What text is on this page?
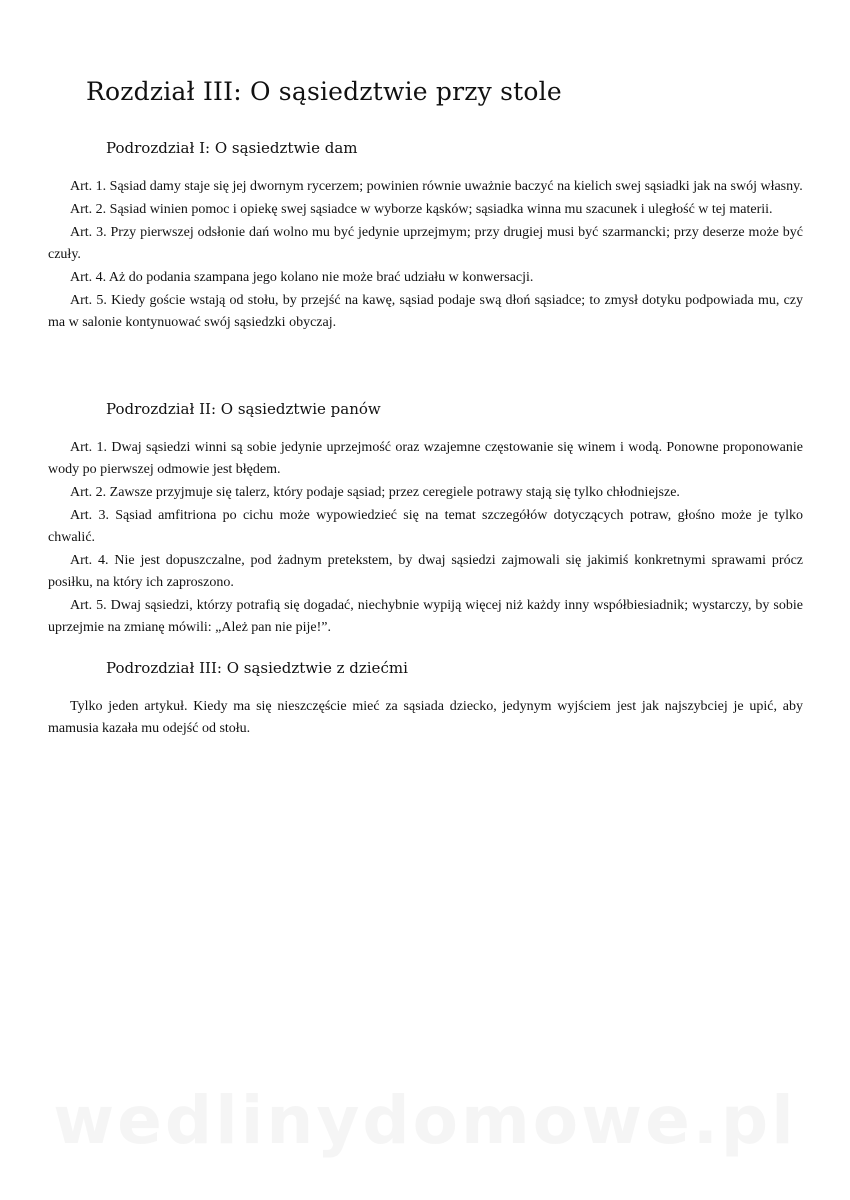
Rozdział III: O sąsiedztwie przy stole
Podrozdział I: O sąsiedztwie dam

Art. 1. Sąsiad damy staje się jej dwornym rycerzem; powinien równie uważnie baczyć na kielich swej sąsiadki jak na swój własny.

Art. 2. Sąsiad winien pomoc i opiekę swej sąsiadce w wyborze kąsków; sąsiadka winna mu szacunek i uległość w tej materii.

Art. 3. Przy pierwszej odsłonie dań wolno mu być jedynie uprzejmym; przy drugiej musi być szarmancki; przy deserze może być czuły.

Art. 4. Aż do podania szampana jego kolano nie może brać udziału w konwersacji.

Art. 5. Kiedy goście wstają od stołu, by przejść na kawę, sąsiad podaje swą dłoń sąsiadce; to zmysł dotyku podpowiada mu, czy ma w salonie kontynuować swój sąsiedzki obyczaj.

Podrozdział II: O sąsiedztwie panów

Art. 1. Dwaj sąsiedzi winni są sobie jedynie uprzejmość oraz wzajemne częstowanie się winem i wodą. Ponowne proponowanie wody po pierwszej odmowie jest błędem.

Art. 2. Zawsze przyjmuje się talerz, który podaje sąsiad; przez ceregiele potrawy stają się tylko chłodniejsze.

Art. 3. Sąsiad amfitriona po cichu może wypowiedzieć się na temat szczegółów dotyczących potraw, głośno może je tylko chwalić.

Art. 4. Nie jest dopuszczalne, pod żadnym pretekstem, by dwaj sąsiedzi zajmowali się jakimiś konkretnymi sprawami prócz posiłku, na który ich zaproszono.

Art. 5. Dwaj sąsiedzi, którzy potrafią się dogadać, niechybnie wypiją więcej niż każdy inny współbiesiadnik; wystarczy, by sobie uprzejmie na zmianę mówili: „Ależ pan nie pije!”.

Podrozdział III: O sąsiedztwie z dziećmi

Tylko jeden artykuł. Kiedy ma się nieszczęście mieć za sąsiada dziecko, jedynym wyjściem jest jak najszybciej je upić, aby mamusia kazała mu odejść od stołu.

wedlinydomowe.pl
